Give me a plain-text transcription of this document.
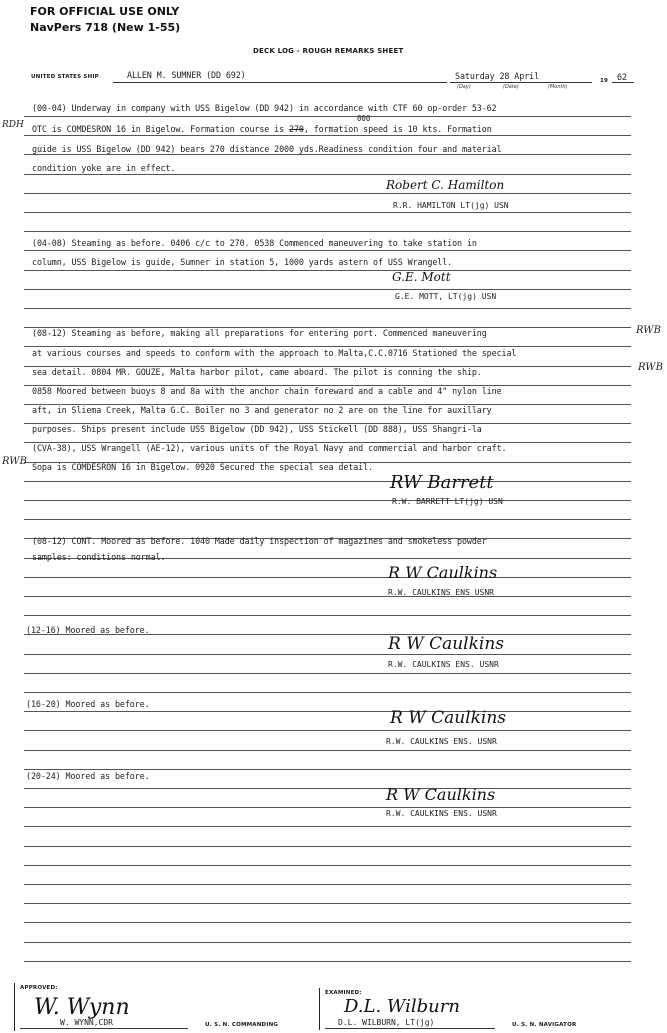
FOR OFFICIAL USE ONLY
NavPers 718 (New 1-55)
DECK LOG - ROUGH REMARKS SHEET
UNITED STATES SHIP	ALLEN M. SUMNER (DD 692)	Saturday 28 April
(Day)	(Date)	(Month)
19 62
(00-04) Underway in company with USS Bigelow (DD 942) in accordance with CTF 60 op-order 53-62
OTC is COMDESRON 16 in Bigelow. Formation course is 270, formation speed is 10 kts. Formation
000
guide is USS Bigelow (DD 942) bears 270 distance 2000 yds.Readiness condition four and material
condition yoke are in effect.
Robert C. Hamilton
R.R. HAMILTON LT(jg) USN
(04-08) Steaming as before. 0406 c/c to 270. 0538 Commenced maneuvering to take station in
column, USS Bigelow is guide, Sumner in station 5, 1000 yards astern of USS Wrangell.
G.E. Mott
G.E. MOTT, LT(jg) USN
(08-12) Steaming as before, making all preparations for entering port. Commenced maneuvering
at various courses and speeds to conform with the approach to Malta,C.C.0716 Stationed the special
sea detail. 0804 MR. GOUZE, Malta harbor pilot, came aboard. The pilot is conning the ship.
0858 Moored between buoys 8 and 8a with the anchor chain foreward and a cable and 4" nylon line
aft, in Sliema Creek, Malta G.C. Boiler no 3 and generator no 2 are on the line for auxillary
purposes. Ships present include USS Bigelow (DD 942), USS Stickell (DD 888), USS Shangri-la
(CVA-38), USS Wrangell (AE-12), various units of the Royal Navy and commercial and harbor craft.
Sopa is COMDESRON 16 in Bigelow. 0920 Secured the special sea detail.
RW Barrett
R.W. BARRETT LT(jg) USN
(08-12) CONT. Moored as before. 1040 Made daily inspection of magazines and smokeless powder
samples: conditions normal.
R W Caulkins
R.W. CAULKINS ENS USNR
(12-16) Moored as before.
R W Caulkins
R.W. CAULKINS ENS. USNR
(16-20) Moored as before.
R W Caulkins
R.W. CAULKINS ENS. USNR
(20-24) Moored as before.
R W Caulkins
R.W. CAULKINS ENS. USNR
RDH
RWB
RWB
RWB
APPROVED:
W. Wynn
W. WYNN,CDR	U. S. N. COMMANDING
EXAMINED:
D.L. Wilburn
D.L. WILBURN, LT(jg)	U. S. N. NAVIGATOR
